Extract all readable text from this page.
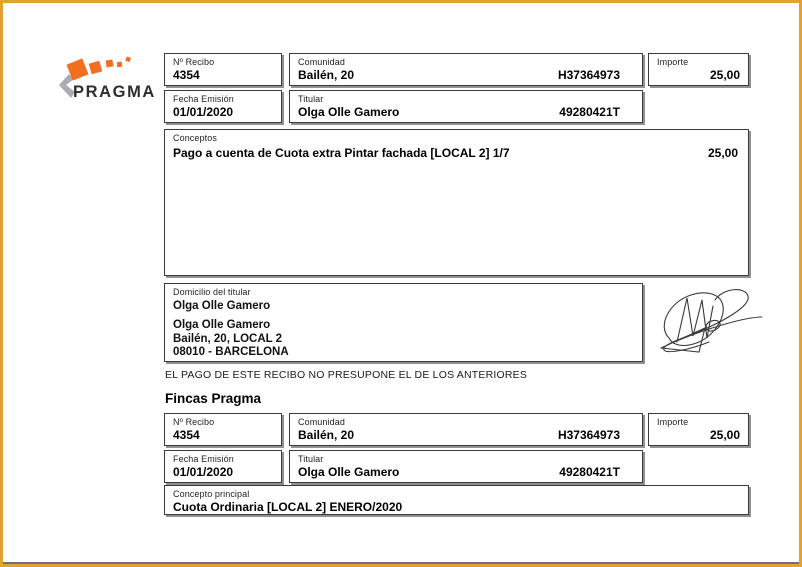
PRAGMA
Nº Recibo
4354
Comunidad
Bailén, 20	H37364973
Importe
25,00
Fecha Emisión
01/01/2020
Titular
Olga Olle Gamero	49280421T
Conceptos
Pago a cuenta de Cuota extra Pintar fachada [LOCAL 2] 1/7	25,00
Domicilio del titular
Olga Olle Gamero
Olga Olle Gamero
Bailén, 20, LOCAL 2
08010 - BARCELONA
EL PAGO DE ESTE RECIBO NO PRESUPONE EL DE LOS ANTERIORES
Fincas Pragma
Nº Recibo
4354
Comunidad
Bailén, 20	H37364973
Importe
25,00
Fecha Emisión
01/01/2020
Titular
Olga Olle Gamero	49280421T
Concepto principal
Cuota Ordinaria [LOCAL 2] ENERO/2020
